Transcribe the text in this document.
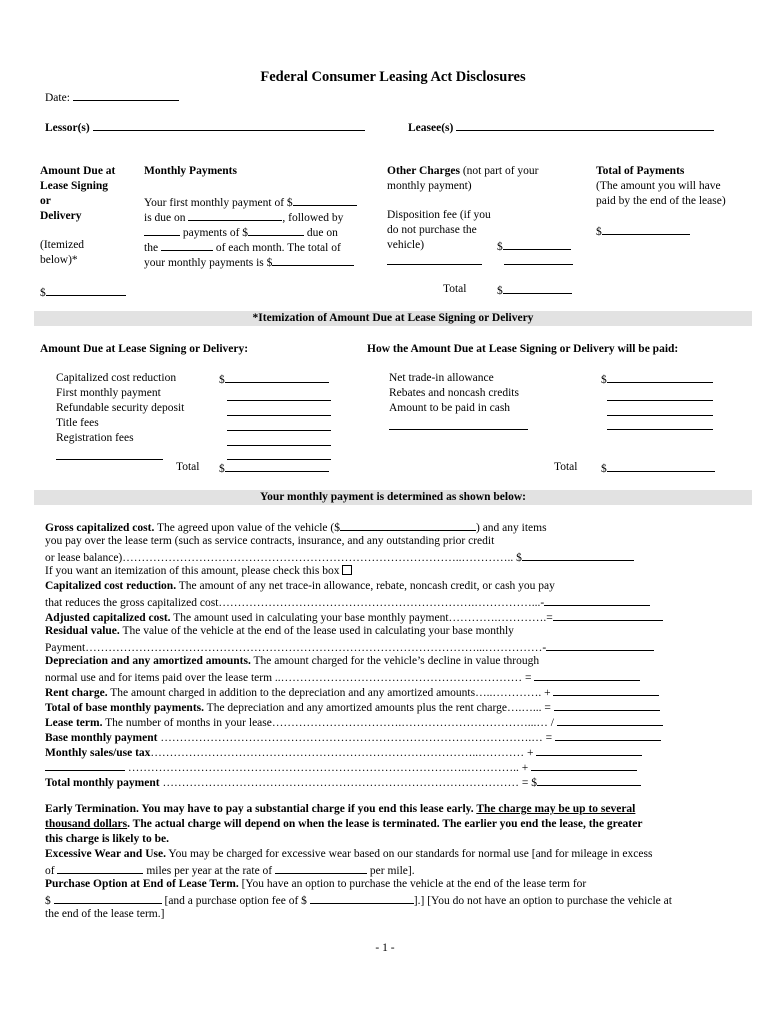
Federal Consumer Leasing Act Disclosures
Date:
Lessor(s)	Leasee(s)
Amount Due at
Lease Signing
or
Delivery
(Itemized
below)*
$
Monthly Payments
Your first monthly payment of $
is due on	, followed by
payments of $	due on
the	of each month. The total of
your monthly payments is $
Other Charges (not part of your
monthly payment)
Disposition fee (if you
do not purchase the
vehicle)	$
Total	$
Total of Payments
(The amount you will have
paid by the end of the lease)
$
*Itemization of Amount Due at Lease Signing or Delivery
Amount Due at Lease Signing or Delivery:	How the Amount Due at Lease Signing or Delivery will be paid:
Capitalized cost reduction
First monthly payment
Refundable security deposit
Title fees
Registration fees
$
Total $
Net trade-in allowance
Rebates and noncash credits
Amount to be paid in cash
$
Total $
Your monthly payment is determined as shown below:
Gross capitalized cost. The agreed upon value of the vehicle ($	) and any items
you pay over the lease term (such as service contracts, insurance, and any outstanding prior credit
or lease balance)……………………………………………………………………………..………….. $
If you want an itemization of this amount, please check this box
Capitalized cost reduction. The amount of any net trace-in allowance, rebate, noncash credit, or cash you pay
that reduces the gross capitalized cost………………………………………………………….……………...-
Adjusted capitalized cost. The amount used in calculating your base monthly payment………….………….=
Residual value. The value of the vehicle at the end of the lease used in calculating your base monthly
Payment…………………………………………………………………………………………...……………-
Depreciation and any amortized amounts. The amount charged for the vehicle’s decline in value through
normal use and for items paid over the lease term ..……………………………………………………… =
Rent charge. The amount charged in addition to the depreciation and any amortized amounts…..…………. +
Total of base monthly payments. The depreciation and any amortized amounts plus the rent charge….…... =
Lease term. The number of months in your lease…………………………….……………………………...… /
Base monthly payment …………………………………………………………………………………….… =
Monthly sales/use tax…………………………………………………………………………..………… +
……………………………………………………………………………..………….. +
Total monthly payment ………………………………………………………………………………… = $
Early Termination. You may have to pay a substantial charge if you end this lease early. The charge may be up to several
thousand dollars. The actual charge will depend on when the lease is terminated. The earlier you end the lease, the greater
this charge is likely to be.
Excessive Wear and Use. You may be charged for excessive wear based on our standards for normal use [and for mileage in excess
of	miles per year at the rate of	per mile].
Purchase Option at End of Lease Term. [You have an option to purchase the vehicle at the end of the lease term for
$	[and a purchase option fee of $	].] [You do not have an option to purchase the vehicle at
the end of the lease term.]
- 1 -
